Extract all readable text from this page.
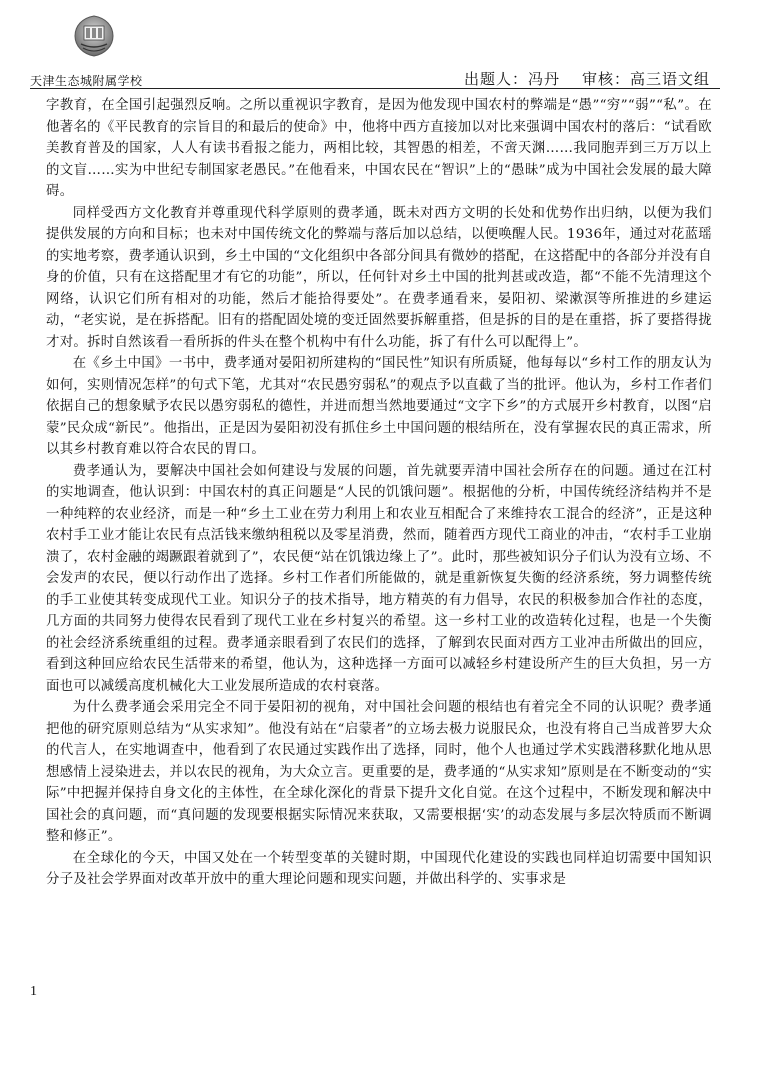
天津生态城附属学校	出题人：冯丹 审核：高三语文组

字教育，在全国引起强烈反响。之所以重视识字教育，是因为他发现中国农村的弊端是“愚”“穷”“弱”“私”。在他著名的《平民教育的宗旨目的和最后的使命》中，他将中西方直接加以对比来强调中国农村的落后：“试看欧美教育普及的国家，人人有读书看报之能力，两相比较，其智愚的相差，不啻天渊……我同胞弄到三万万以上的文盲……实为中世纪专制国家老愚民。”在他看来，中国农民在“智识”上的“愚昧”成为中国社会发展的最大障碍。

同样受西方文化教育并尊重现代科学原则的费孝通，既未对西方文明的长处和优势作出归纳，以便为我们提供发展的方向和目标；也未对中国传统文化的弊端与落后加以总结，以便唤醒人民。1936年，通过对花蓝瑶的实地考察，费孝通认识到，乡土中国的“文化组织中各部分间具有微妙的搭配，在这搭配中的各部分并没有自身的价值，只有在这搭配里才有它的功能”，所以，任何针对乡土中国的批判甚或改造，都“不能不先清理这个网络，认识它们所有相对的功能，然后才能拾得要处”。在费孝通看来，晏阳初、梁漱溟等所推进的乡建运动，“老实说，是在拆搭配。旧有的搭配固处境的变迁固然要拆解重搭，但是拆的目的是在重搭，拆了要搭得拢才对。拆时自然该看一看所拆的件头在整个机构中有什么功能，拆了有什么可以配得上”。

在《乡土中国》一书中，费孝通对晏阳初所建构的“国民性”知识有所质疑，他每每以“乡村工作的朋友认为如何，实则情况怎样”的句式下笔，尤其对“农民愚穷弱私”的观点予以直截了当的批评。他认为，乡村工作者们依据自己的想象赋予农民以愚穷弱私的德性，并进而想当然地要通过“文字下乡”的方式展开乡村教育，以图“启蒙”民众成“新民”。他指出，正是因为晏阳初没有抓住乡土中国问题的根结所在，没有掌握农民的真正需求，所以其乡村教育难以符合农民的胃口。

费孝通认为，要解决中国社会如何建设与发展的问题，首先就要弄清中国社会所存在的问题。通过在江村的实地调查，他认识到：中国农村的真正问题是“人民的饥饿问题”。根据他的分析，中国传统经济结构并不是一种纯粹的农业经济，而是一种“乡土工业在劳力利用上和农业互相配合了来维持农工混合的经济”，正是这种农村手工业才能让农民有点活钱来缴纳租税以及零星消费，然而，随着西方现代工商业的冲击，“农村手工业崩溃了，农村金融的竭蹶跟着就到了”，农民便“站在饥饿边缘上了”。此时，那些被知识分子们认为没有立场、不会发声的农民，便以行动作出了选择。乡村工作者们所能做的，就是重新恢复失衡的经济系统，努力调整传统的手工业使其转变成现代工业。知识分子的技术指导，地方精英的有力倡导，农民的积极参加合作社的态度，几方面的共同努力使得农民看到了现代工业在乡村复兴的希望。这一乡村工业的改造转化过程，也是一个失衡的社会经济系统重组的过程。费孝通亲眼看到了农民们的选择，了解到农民面对西方工业冲击所做出的回应，看到这种回应给农民生活带来的希望，他认为，这种选择一方面可以减轻乡村建设所产生的巨大负担，另一方面也可以减缓高度机械化大工业发展所造成的农村衰落。

为什么费孝通会采用完全不同于晏阳初的视角，对中国社会问题的根结也有着完全不同的认识呢？费孝通把他的研究原则总结为“从实求知”。他没有站在“启蒙者”的立场去极力说服民众，也没有将自己当成普罗大众的代言人，在实地调查中，他看到了农民通过实践作出了选择，同时，他个人也通过学术实践潜移默化地从思想感情上浸染进去，并以农民的视角，为大众立言。更重要的是，费孝通的“从实求知”原则是在不断变动的“实际”中把握并保持自身文化的主体性，在全球化深化的背景下提升文化自觉。在这个过程中，不断发现和解决中国社会的真问题，而“真问题的发现要根据实际情况来获取，又需要根据‘实’的动态发展与多层次特质而不断调整和修正”。

在全球化的今天，中国又处在一个转型变革的关键时期，中国现代化建设的实践也同样迫切需要中国知识分子及社会学界面对改革开放中的重大理论问题和现实问题，并做出科学的、实事求是

1
